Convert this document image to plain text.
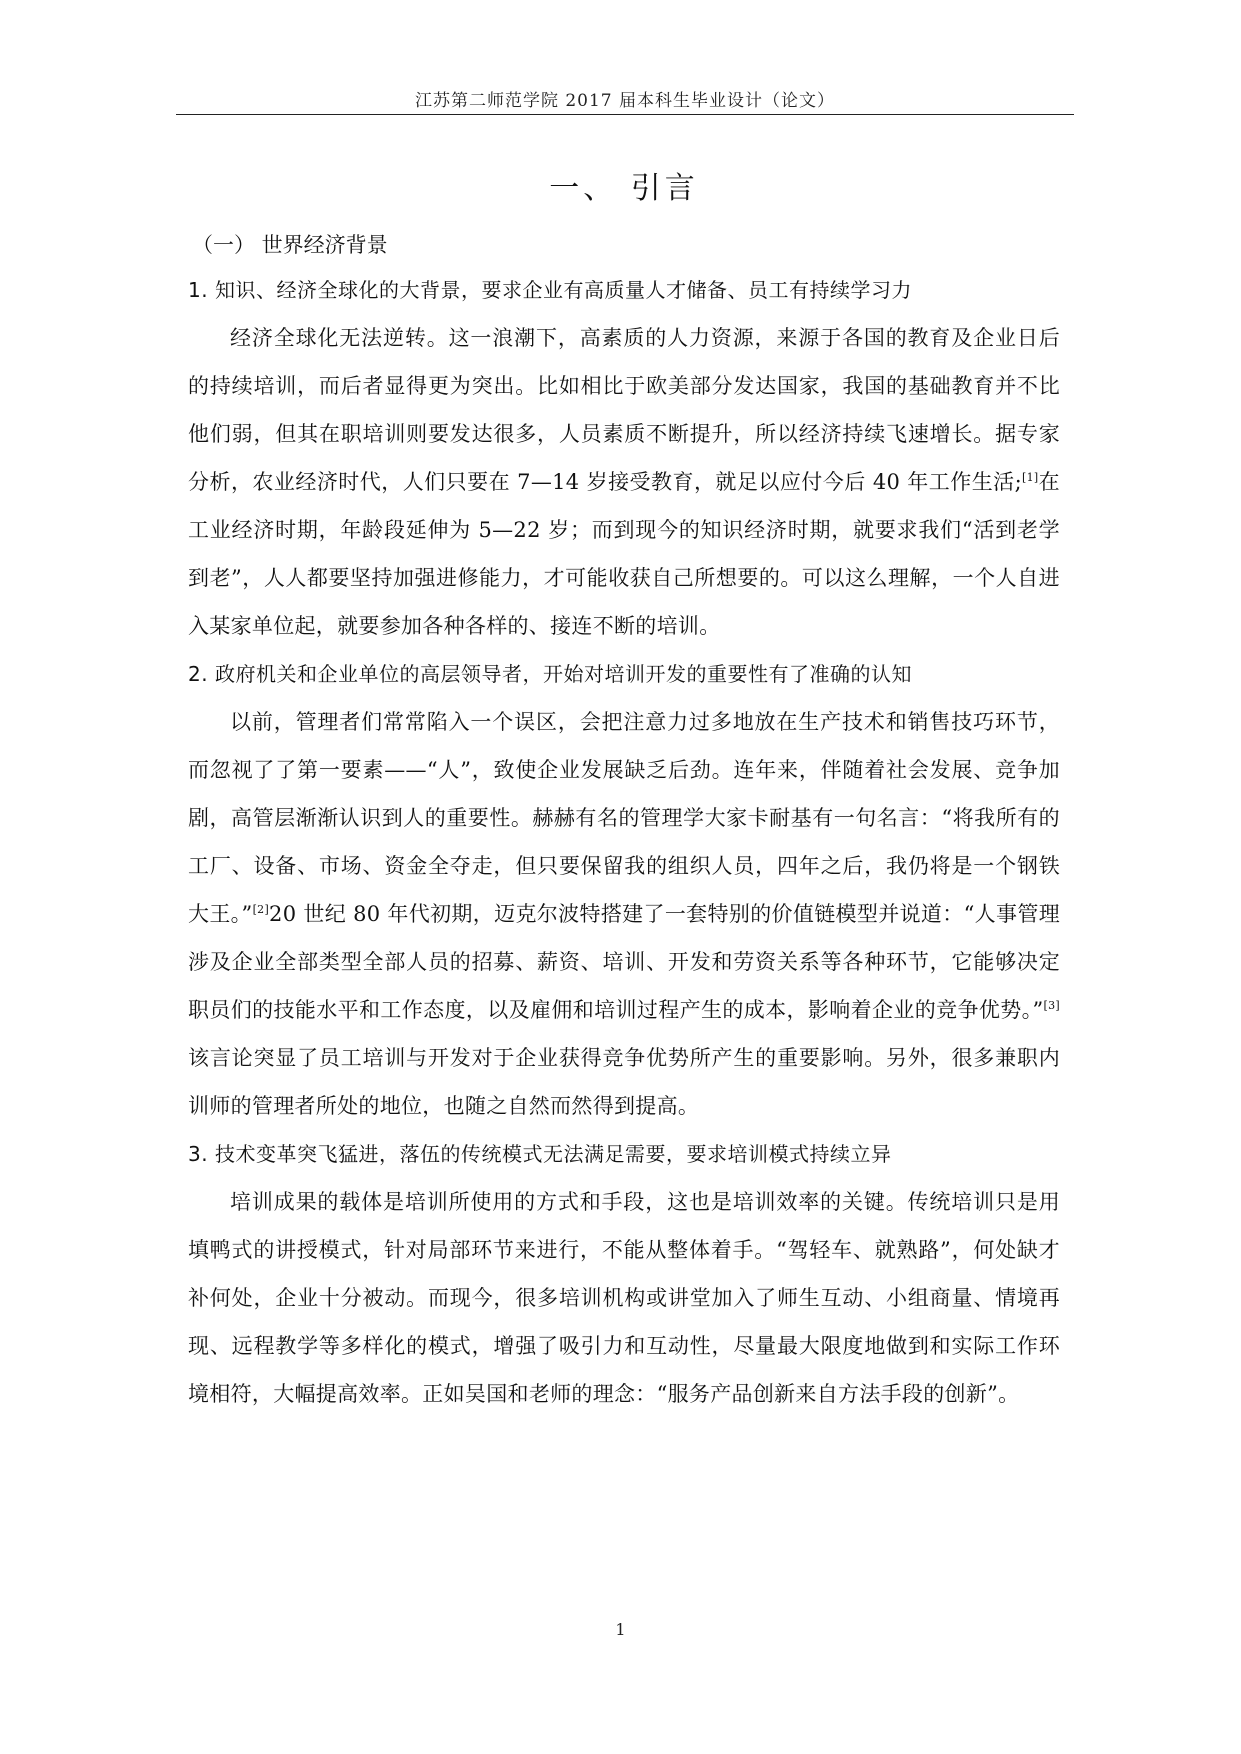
江苏第二师范学院 2017 届本科生毕业设计（论文）
一、 引言
（一） 世界经济背景
1. 知识、经济全球化的大背景，要求企业有高质量人才储备、员工有持续学习力

经济全球化无法逆转。这一浪潮下，高素质的人力资源，来源于各国的教育及企业日后的持续培训，而后者显得更为突出。比如相比于欧美部分发达国家，我国的基础教育并不比他们弱，但其在职培训则要发达很多，人员素质不断提升，所以经济持续飞速增长。据专家分析，农业经济时代，人们只要在 7—14 岁接受教育，就足以应付今后 40 年工作生活;[1]在工业经济时期，年龄段延伸为 5—22 岁；而到现今的知识经济时期，就要求我们“活到老学到老”，人人都要坚持加强进修能力，才可能收获自己所想要的。可以这么理解，一个人自进入某家单位起，就要参加各种各样的、接连不断的培训。

2. 政府机关和企业单位的高层领导者，开始对培训开发的重要性有了准确的认知

以前，管理者们常常陷入一个误区，会把注意力过多地放在生产技术和销售技巧环节，而忽视了了第一要素——“人”，致使企业发展缺乏后劲。连年来，伴随着社会发展、竞争加剧，高管层渐渐认识到人的重要性。赫赫有名的管理学大家卡耐基有一句名言：“将我所有的工厂、设备、市场、资金全夺走，但只要保留我的组织人员，四年之后，我仍将是一个钢铁大王。”[2]20 世纪 80 年代初期，迈克尔波特搭建了一套特别的价值链模型并说道：“人事管理涉及企业全部类型全部人员的招募、薪资、培训、开发和劳资关系等各种环节，它能够决定职员们的技能水平和工作态度，以及雇佣和培训过程产生的成本，影响着企业的竞争优势。”[3]该言论突显了员工培训与开发对于企业获得竞争优势所产生的重要影响。另外，很多兼职内训师的管理者所处的地位，也随之自然而然得到提高。

3. 技术变革突飞猛进，落伍的传统模式无法满足需要，要求培训模式持续立异

培训成果的载体是培训所使用的方式和手段，这也是培训效率的关键。传统培训只是用填鸭式的讲授模式，针对局部环节来进行，不能从整体着手。“驾轻车、就熟路”，何处缺才补何处，企业十分被动。而现今，很多培训机构或讲堂加入了师生互动、小组商量、情境再现、远程教学等多样化的模式，增强了吸引力和互动性，尽量最大限度地做到和实际工作环境相符，大幅提高效率。正如吴国和老师的理念：“服务产品创新来自方法手段的创新”。

1
